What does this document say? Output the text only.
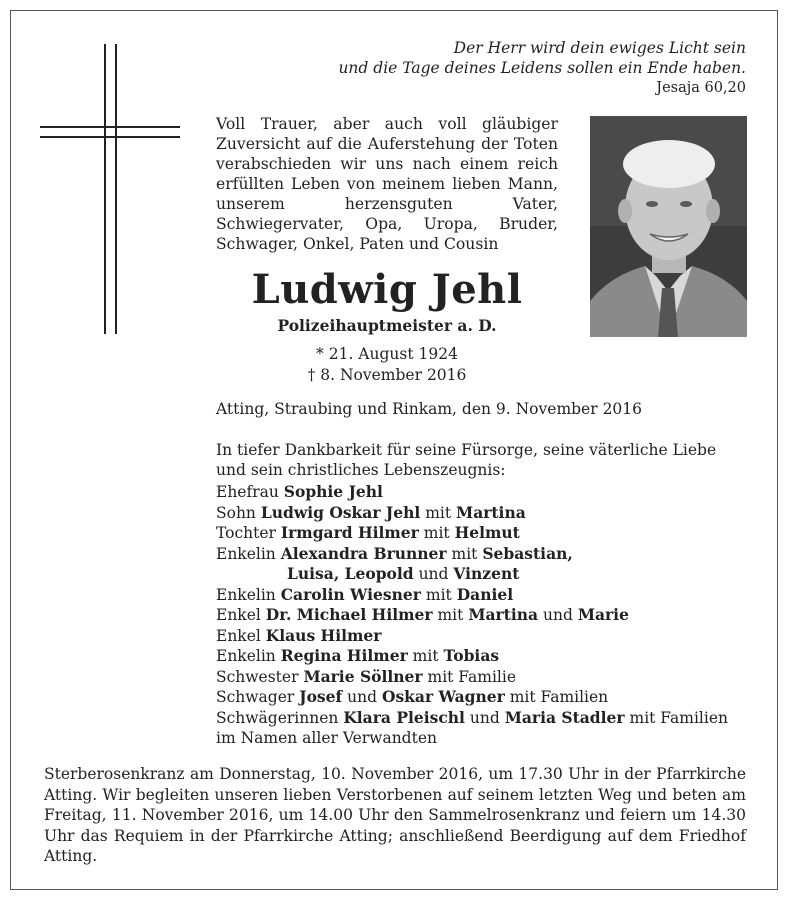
Der Herr wird dein ewiges Licht sein
und die Tage deines Leidens sollen ein Ende haben.
Jesaja 60,20
Voll Trauer, aber auch voll gläubiger Zuversicht auf die Auferstehung der Toten verabschieden wir uns nach einem reich erfüllten Leben von meinem lieben Mann, unserem herzensguten Vater, Schwiegervater, Opa, Uropa, Bruder, Schwager, Onkel, Paten und Cousin
Ludwig Jehl
Polizeihauptmeister a. D.
* 21. August 1924
† 8. November 2016
Atting, Straubing und Rinkam, den 9. November 2016
In tiefer Dankbarkeit für seine Fürsorge, seine väterliche Liebe und sein christliches Lebenszeugnis:
Ehefrau Sophie Jehl
Sohn Ludwig Oskar Jehl mit Martina
Tochter Irmgard Hilmer mit Helmut
Enkelin Alexandra Brunner mit Sebastian,
Luisa, Leopold und Vinzent
Enkelin Carolin Wiesner mit Daniel
Enkel Dr. Michael Hilmer mit Martina und Marie
Enkel Klaus Hilmer
Enkelin Regina Hilmer mit Tobias
Schwester Marie Söllner mit Familie
Schwager Josef und Oskar Wagner mit Familien
Schwägerinnen Klara Pleischl und Maria Stadler mit Familien
im Namen aller Verwandten
Sterberosenkranz am Donnerstag, 10. November 2016, um 17.30 Uhr in der Pfarrkirche Atting. Wir begleiten unseren lieben Verstorbenen auf seinem letzten Weg und beten am Freitag, 11. November 2016, um 14.00 Uhr den Sammelrosenkranz und feiern um 14.30 Uhr das Requiem in der Pfarrkirche Atting; anschließend Beerdigung auf dem Friedhof Atting.
